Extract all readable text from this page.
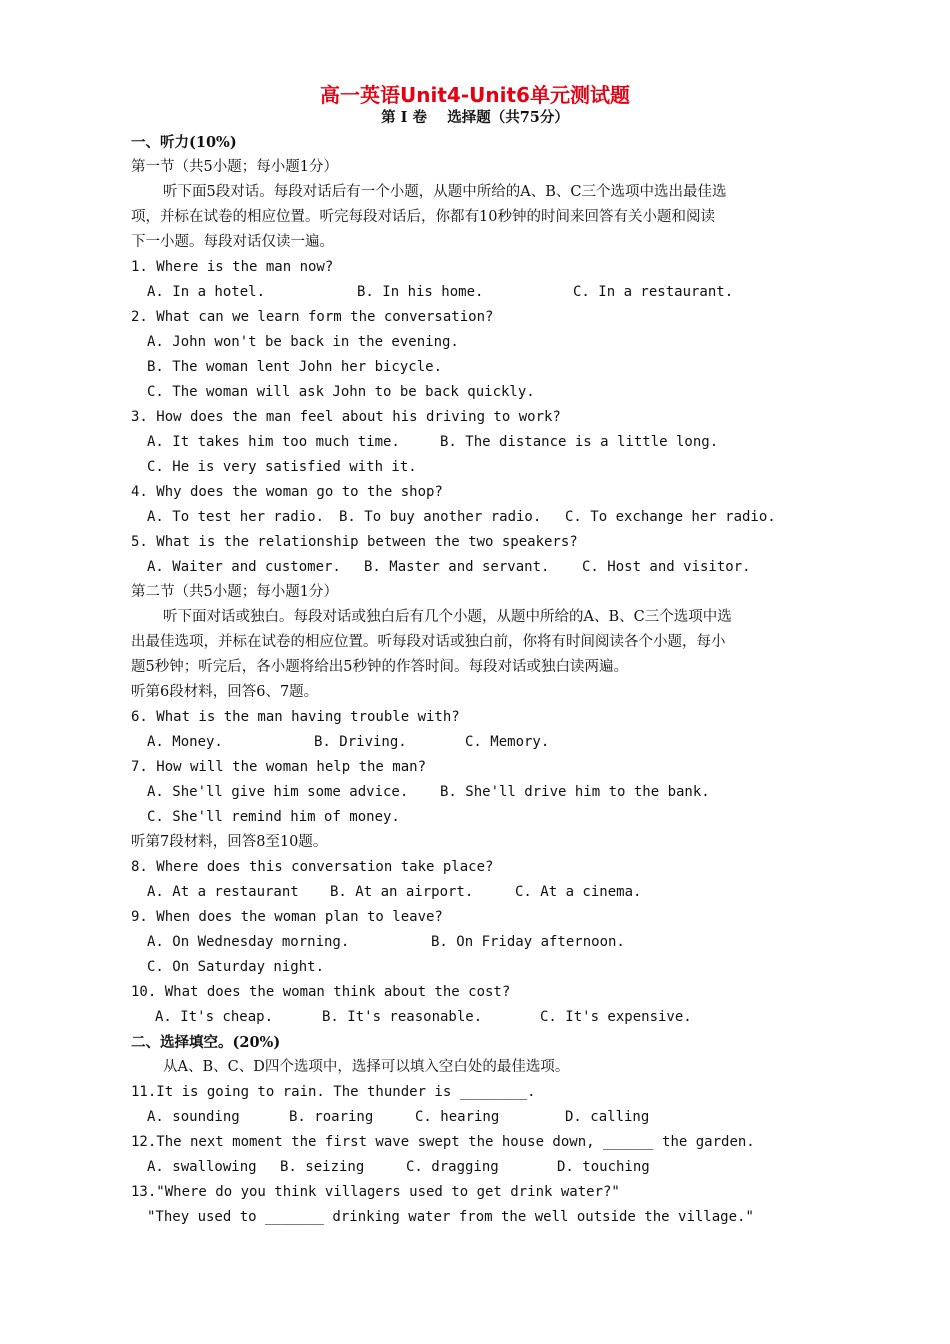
高一英语Unit4-Unit6单元测试题
第 I 卷    选择题（共75分）
一、听力(10%)
第一节（共5小题；每小题1分）
听下面5段对话。每段对话后有一个小题，从题中所给的A、B、C三个选项中选出最佳选
项，并标在试卷的相应位置。听完每段对话后，你都有10秒钟的时间来回答有关小题和阅读
下一小题。每段对话仅读一遍。
1. Where is the man now?
A. In a hotel.	B. In his home.	C. In a restaurant.
2. What can we learn form the conversation?
A. John won't be back in the evening.
B. The woman lent John her bicycle.
C. The woman will ask John to be back quickly.
3. How does the man feel about his driving to work?
A. It takes him too much time.	B. The distance is a little long.
C. He is very satisfied with it.
4. Why does the woman go to the shop?
A. To test her radio. B. To buy another radio. C. To exchange her radio.
5. What is the relationship between the two speakers?
A. Waiter and customer. B. Master and servant. C. Host and visitor.
第二节（共5小题；每小题1分）
听下面对话或独白。每段对话或独白后有几个小题，从题中所给的A、B、C三个选项中选
出最佳选项，并标在试卷的相应位置。听每段对话或独白前，你将有时间阅读各个小题，每小
题5秒钟；听完后，各小题将给出5秒钟的作答时间。每段对话或独白读两遍。
听第6段材料，回答6、7题。
6. What is the man having trouble with?
A. Money.	B. Driving.	C. Memory.
7. How will the woman help the man?
A. She'll give him some advice. B. She'll drive him to the bank.
C. She'll remind him of money.
听第7段材料，回答8至10题。
8. Where does this conversation take place?
A. At a restaurant B. At an airport.	C. At a cinema.
9. When does the woman plan to leave?
A. On Wednesday morning.	B. On Friday afternoon.
C. On Saturday night.
10. What does the woman think about the cost?
A. It's cheap.	B. It's reasonable.	C. It's expensive.
二、选择填空。(20%)
从A、B、C、D四个选项中，选择可以填入空白处的最佳选项。
11.It is going to rain. The thunder is ________.
A. sounding	B. roaring	C. hearing	D. calling
12.The next moment the first wave swept the house down, ______ the garden.
A. swallowing B. seizing	C. dragging	D. touching
13."Where do you think villagers used to get drink water?"
"They used to _______ drinking water from the well outside the village."
